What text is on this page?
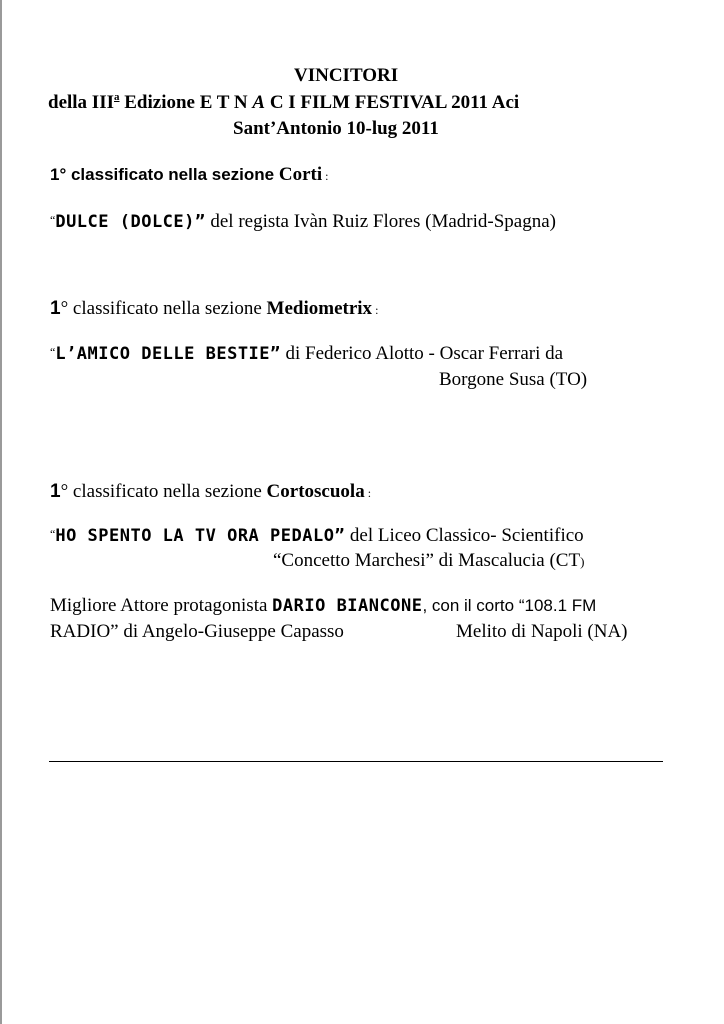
VINCITORI
della III$^a$ Edizione E T N A C I FILM FESTIVAL 2011 Aci
Sant’Antonio 10-lug 2011
1° classificato nella sezione Corti :
“DULCE (DOLCE)” del regista Ivàn Ruiz Flores (Madrid-Spagna)
1° classificato nella sezione Mediometrix :
“L’AMICO DELLE BESTIE” di Federico Alotto - Oscar Ferrari da
Borgone Susa (TO)
1° classificato nella sezione Cortoscuola :
“HO SPENTO LA TV ORA PEDALO” del Liceo Classico- Scientifico
“Concetto Marchesi” di Mascalucia (CT)
Migliore Attore protagonista DARIO BIANCONE, con il corto “108.1 FM
RADIO” di Angelo-Giuseppe Capasso	Melito di Napoli (NA)
